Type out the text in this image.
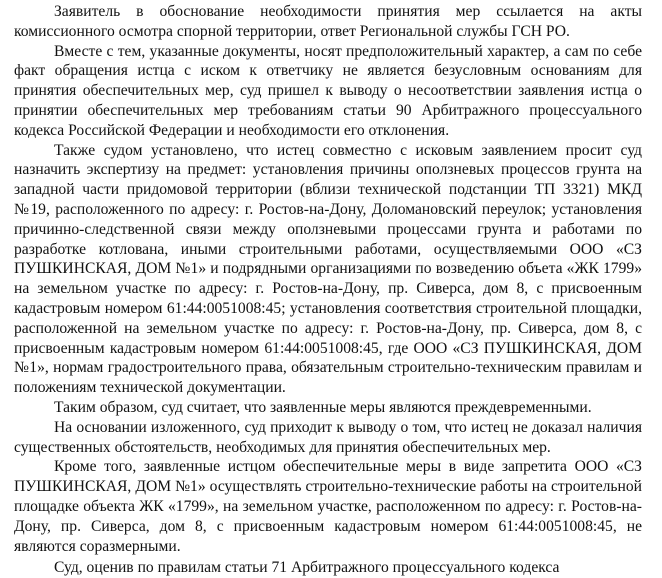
Заявитель в обоснование необходимости принятия мер ссылается на акты комиссионного осмотра спорной территории, ответ Региональной службы ГСН РО.

Вместе с тем, указанные документы, носят предположительный характер, а сам по себе факт обращения истца с иском к ответчику не является безусловным основаниям для принятия обеспечительных мер, суд пришел к выводу о несоответствии заявления истца о принятии обеспечительных мер требованиям статьи 90 Арбитражного процессуального кодекса Российской Федерации и необходимости его отклонения.

Также судом установлено, что истец совместно с исковым заявлением просит суд назначить экспертизу на предмет: установления причины оползневых процессов грунта на западной части придомовой территории (вблизи технической подстанции ТП 3321) МКД №19, расположенного по адресу: г. Ростов-на-Дону, Доломановский переулок; установления причинно-следственной связи между оползневыми процессами грунта и работами по разработке котлована, иными строительными работами, осуществляемыми ООО «СЗ ПУШКИНСКАЯ, ДОМ №1» и подрядными организациями по возведению объета «ЖК 1799» на земельном участке по адресу: г. Ростов-на-Дону, пр. Сиверса, дом 8, с присвоенным кадастровым номером 61:44:0051008:45; установления соответствия строительной площадки, расположенной на земельном участке по адресу: г. Ростов-на-Дону, пр. Сиверса, дом 8, с присвоенным кадастровым номером 61:44:0051008:45, где ООО «СЗ ПУШКИНСКАЯ, ДОМ №1», нормам градостроительного права, обязательным строительно-техническим правилам и положениям технической документации.

Таким образом, суд считает, что заявленные меры являются преждевременными.

На основании изложенного, суд приходит к выводу о том, что истец не доказал наличия существенных обстоятельств, необходимых для принятия обеспечительных мер.

Кроме того, заявленные истцом обеспечительные меры в виде запретита ООО «СЗ ПУШКИНСКАЯ, ДОМ №1» осуществлять строительно-технические работы на строительной площадке объекта ЖК «1799», на земельном участке, расположенном по адресу: г. Ростов-на-Дону, пр. Сиверса, дом 8, с присвоенным кадастровым номером 61:44:0051008:45, не являются соразмерными.

Суд, оценив по правилам статьи 71 Арбитражного процессуального кодекса
